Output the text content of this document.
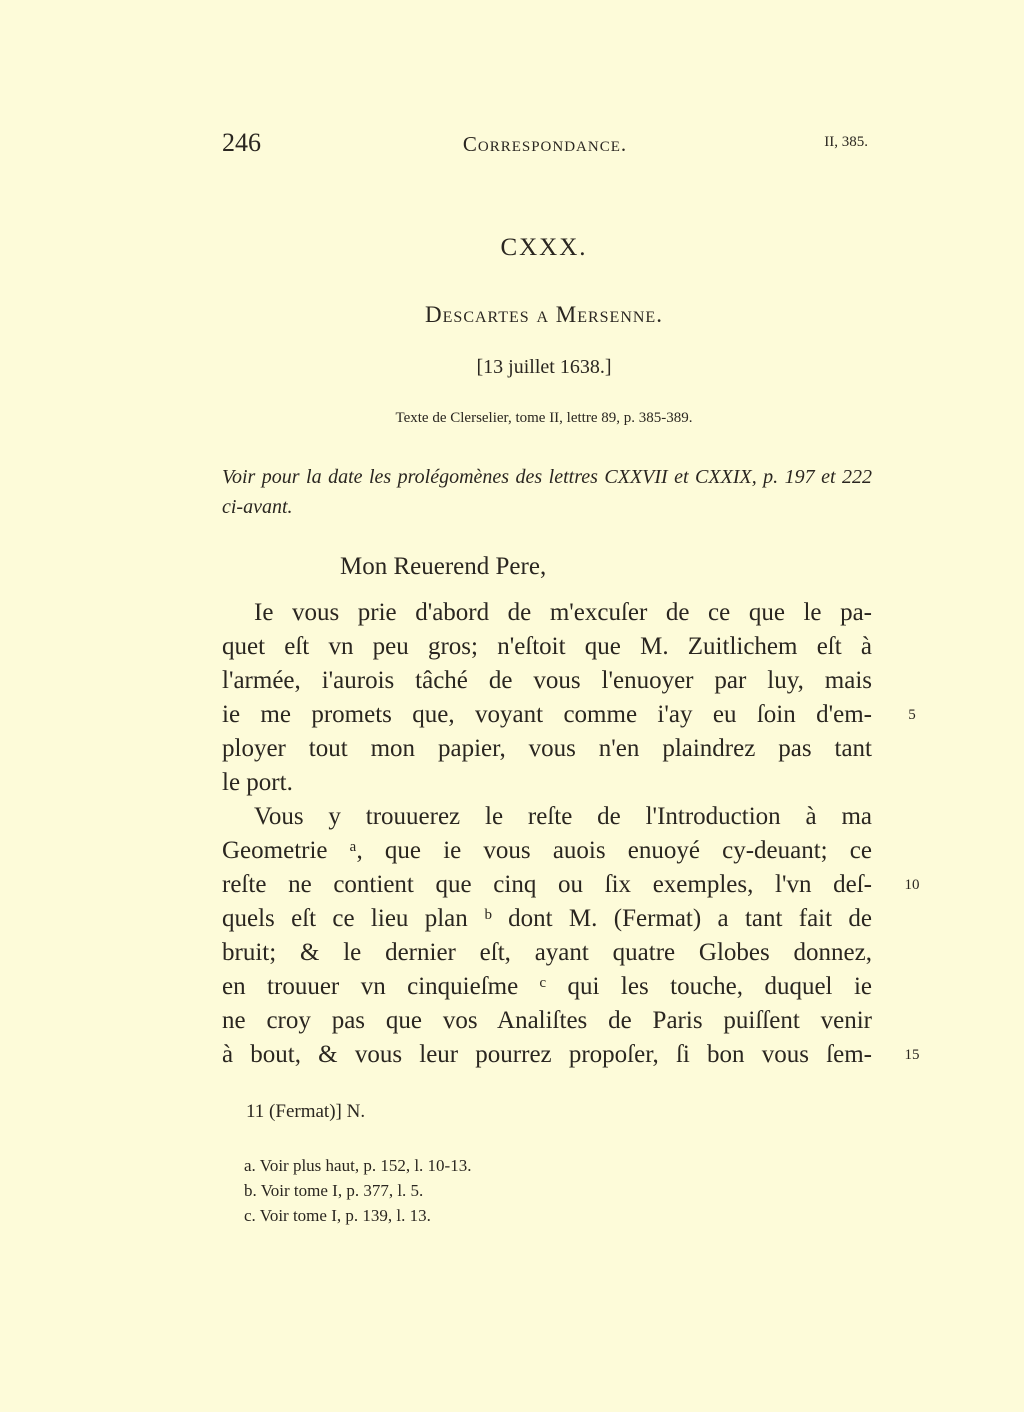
246	Correspondance.	II, 385.
CXXX.
Descartes a Mersenne.
[13 juillet 1638.]
Texte de Clerselier, tome II, lettre 89, p. 385-389.
Voir pour la date les prolégomènes des lettres CXXVII et CXXIX, p. 197 et 222 ci-avant.
Mon Reuerend Pere,
Ie vous prie d'abord de m'excuſer de ce que le pa-
quet eſt vn peu gros; n'eſtoit que M. Zuitlichem eſt à
l'armée, i'aurois tâché de vous l'enuoyer par luy, mais
ie me promets que, voyant comme i'ay eu ſoin d'em-
ployer tout mon papier, vous n'en plaindrez pas tant
le port.
Vous y trouuerez le reſte de l'Introduction à ma
Geometrie ᵃ, que ie vous auois enuoyé cy-deuant; ce
reſte ne contient que cinq ou ſix exemples, l'vn deſ-
quels eſt ce lieu plan ᵇ dont M. (Fermat) a tant fait de
bruit; & le dernier eſt, ayant quatre Globes donnez,
en trouuer vn cinquieſme ᶜ qui les touche, duquel ie
ne croy pas que vos Analiſtes de Paris puiſſent venir
à bout, & vous leur pourrez propoſer, ſi bon vous ſem-
5
10
15
11 (Fermat)] N.
a. Voir plus haut, p. 152, l. 10-13.
b. Voir tome I, p. 377, l. 5.
c. Voir tome I, p. 139, l. 13.
